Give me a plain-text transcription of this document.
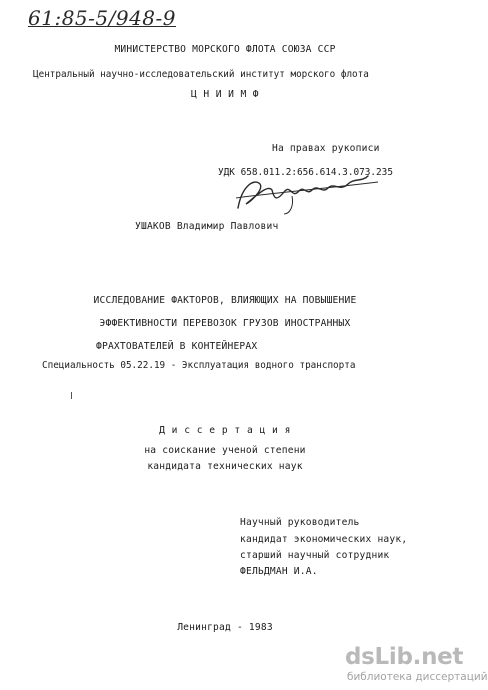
61:85-5/948-9
МИНИСТЕРСТВО МОРСКОГО ФЛОТА СОЮЗА ССР
Центральный научно-исследовательский институт морского флота
Ц Н И И М Ф
На правах рукописи
УДК 658.011.2:656.614.3.073.235
УШАКОВ Владимир Павлович
ИССЛЕДОВАНИЕ ФАКТОРОВ, ВЛИЯЮЩИХ НА ПОВЫШЕНИЕ
ЭФФЕКТИВНОСТИ ПЕРЕВОЗОК ГРУЗОВ ИНОСТРАННЫХ
ФРАХТОВАТЕЛЕЙ В КОНТЕЙНЕРАХ
Специальность 05.22.19 - Эксплуатация водного транспорта
Д и с с е р т а ц и я
на соискание ученой степени
кандидата технических наук
Научный руководитель
кандидат экономических наук,
старший научный сотрудник
ФЕЛЬДМАН И.А.
Ленинград - 1983
dsLib.net
библиотека диссертаций
